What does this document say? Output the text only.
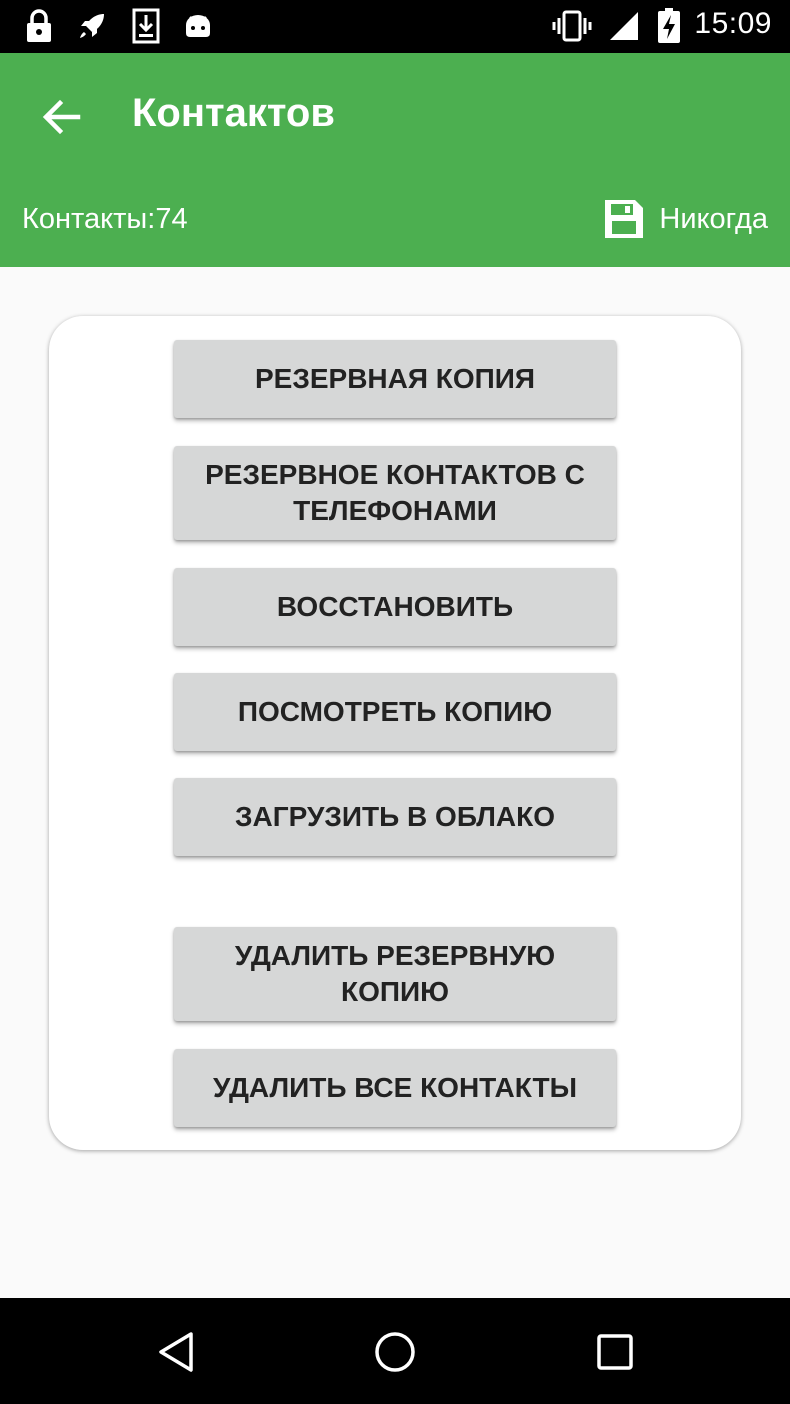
15:09
Контактов
Контакты:74	Никогда
РЕЗЕРВНАЯ КОПИЯ
РЕЗЕРВНОЕ КОНТАКТОВ С ТЕЛЕФОНАМИ
ВОССТАНОВИТЬ
ПОСМОТРЕТЬ КОПИЮ
ЗАГРУЗИТЬ В ОБЛАКО
УДАЛИТЬ РЕЗЕРВНУЮ КОПИЮ
УДАЛИТЬ ВСЕ КОНТАКТЫ
